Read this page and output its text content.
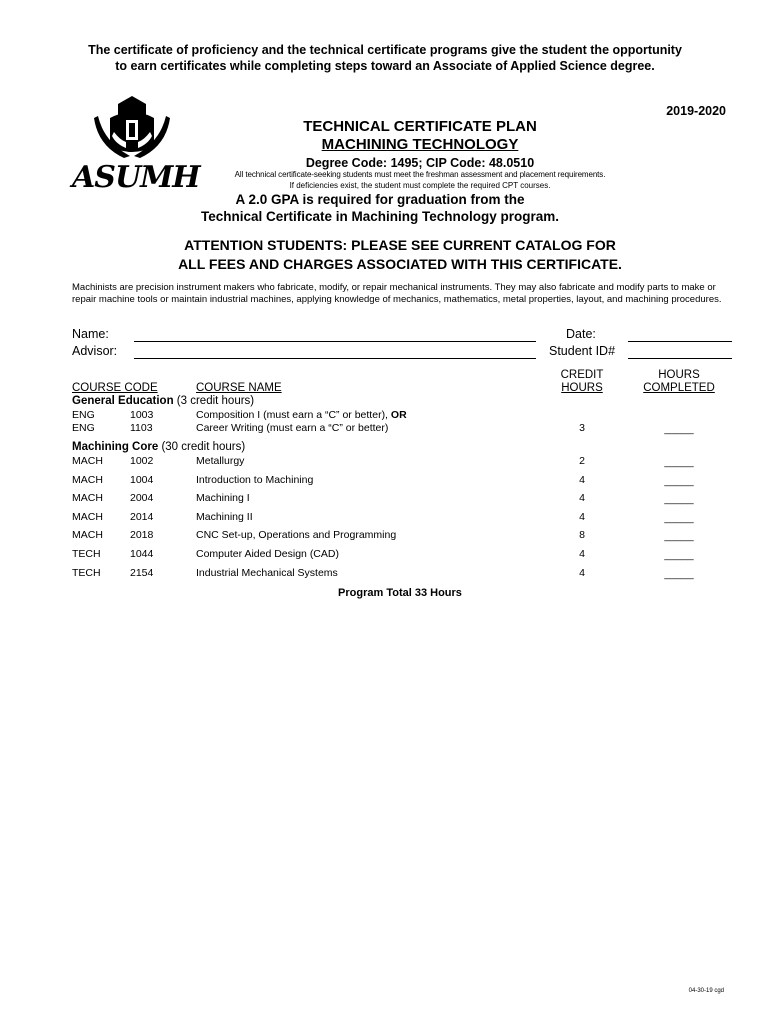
The certificate of proficiency and the technical certificate programs give the student the opportunity
to earn certificates while completing steps toward an Associate of Applied Science degree.
2019-2020
ASUMH
TECHNICAL CERTIFICATE PLAN
MACHINING TECHNOLOGY
Degree Code: 1495; CIP Code: 48.0510
All technical certificate-seeking students must meet the freshman assessment and placement requirements.
If deficiencies exist, the student must complete the required CPT courses.
A 2.0 GPA is required for graduation from the
Technical Certificate in Machining Technology program.
ATTENTION STUDENTS: PLEASE SEE CURRENT CATALOG FOR
ALL FEES AND CHARGES ASSOCIATED WITH THIS CERTIFICATE.
Machinists are precision instrument makers who fabricate, modify, or repair mechanical instruments. They may also fabricate and modify parts to make or repair machine tools or maintain industrial machines, applying knowledge of mechanics, mathematics, metal properties, layout, and machining procedures.
Name:
Advisor:
Date:
Student ID#
COURSE CODE	COURSE NAME
CREDIT
HOURS
HOURS
COMPLETED
General Education (3 credit hours)
ENG	1003	Composition I (must earn a “C” or better), OR
ENG	1103	Career Writing (must earn a “C” or better)	3	_____
Machining Core (30 credit hours)
MACH	1002	Metallurgy	2	_____
MACH	1004	Introduction to Machining	4	_____
MACH	2004	Machining I	4	_____
MACH	2014	Machining II	4	_____
MACH	2018	CNC Set-up, Operations and Programming	8	_____
TECH	1044	Computer Aided Design (CAD)	4	_____
TECH	2154	Industrial Mechanical Systems	4	_____
Program Total 33 Hours
04-30-19 cgd
